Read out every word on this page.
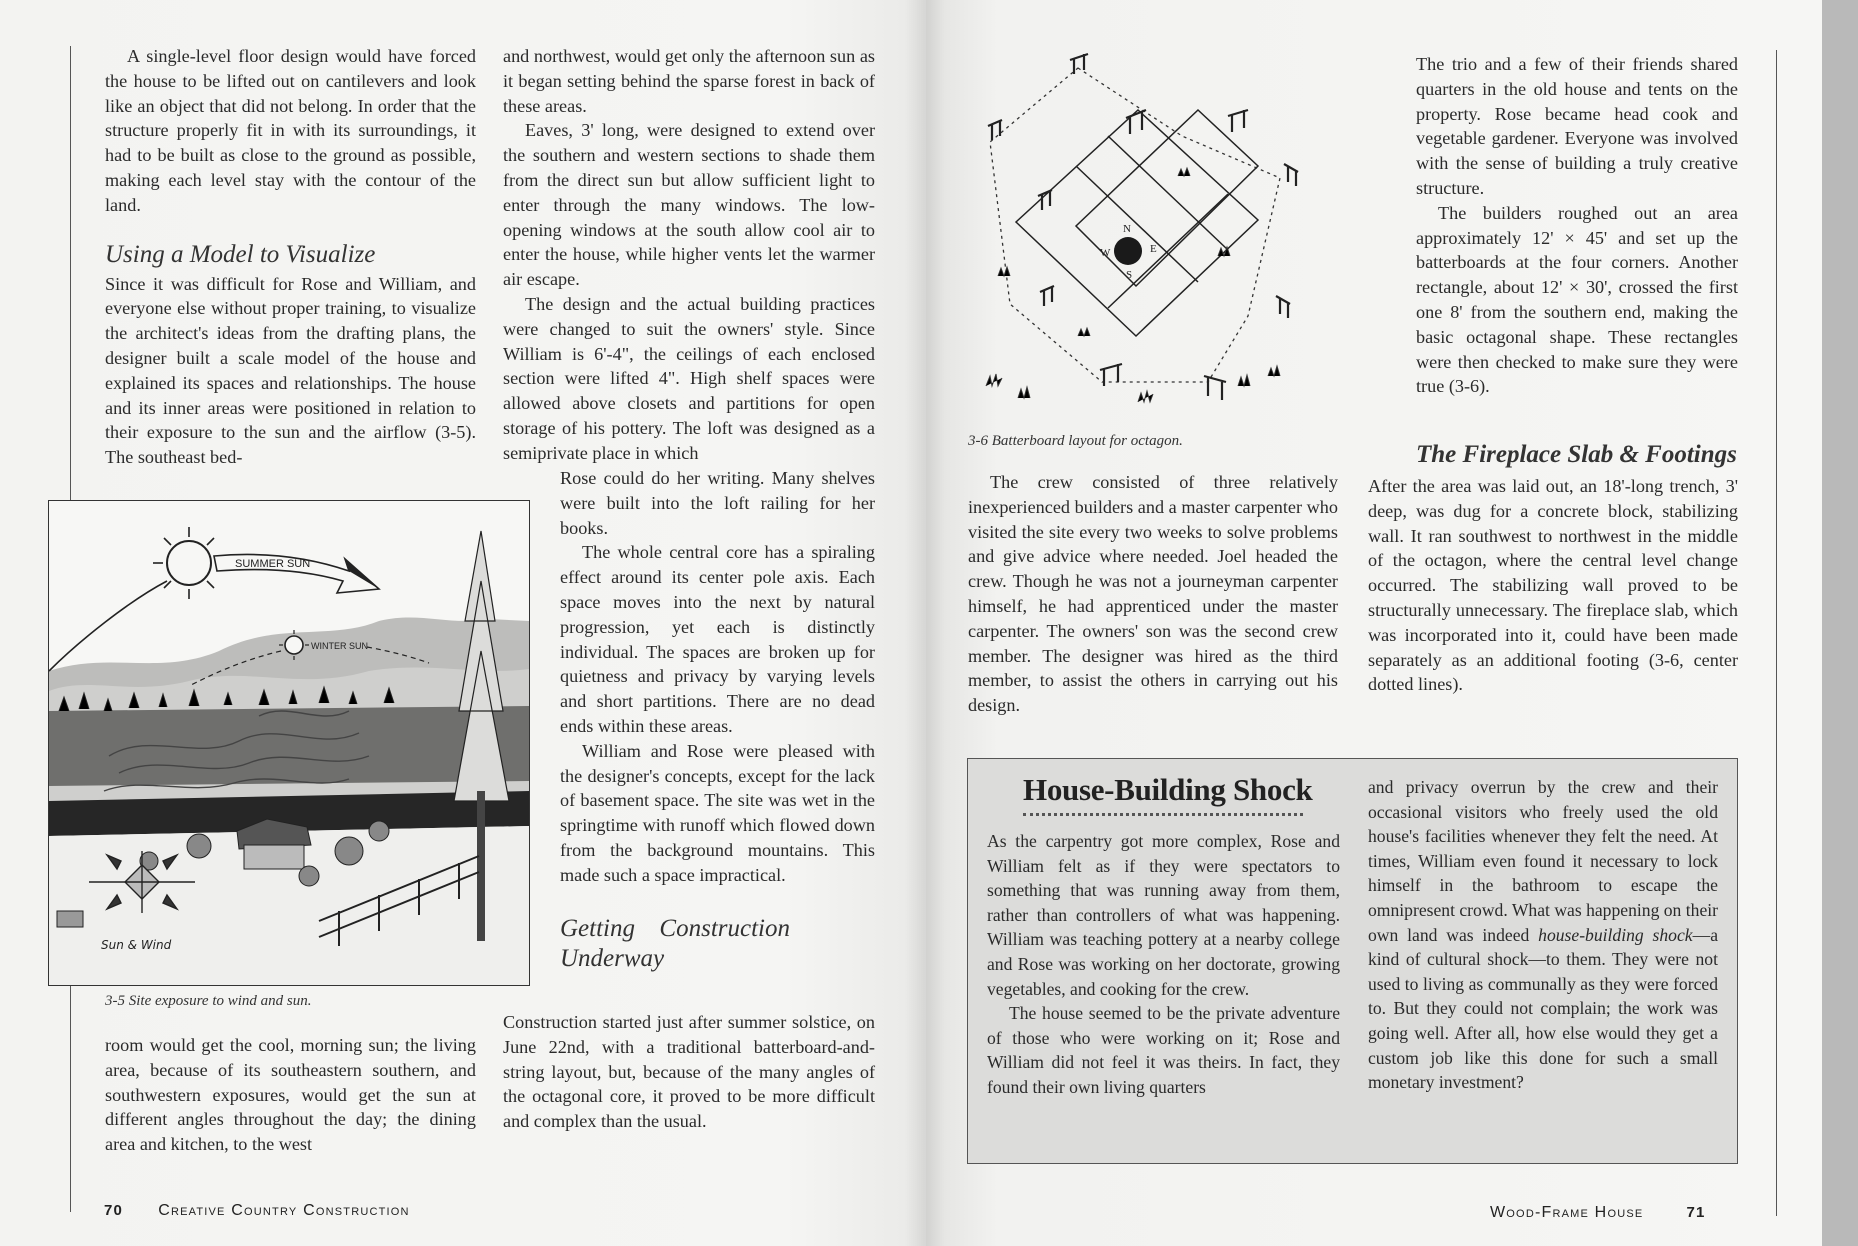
A single-level floor design would have forced the house to be lifted out on cantilevers and look like an object that did not belong. In order that the structure properly fit in with its surroundings, it had to be built as close to the ground as possible, making each level stay with the contour of the land.

Using a Model to Visualize

Since it was difficult for Rose and William, and everyone else without proper training, to visualize the architect's ideas from the drafting plans, the designer built a scale model of the house and explained its spaces and relationships. The house and its inner areas were positioned in relation to their exposure to the sun and the airflow (3-5). The southeast bed-

and northwest, would get only the afternoon sun as it began setting behind the sparse forest in back of these areas.

Eaves, 3' long, were designed to extend over the southern and western sections to shade them from the direct sun but allow sufficient light to enter through the many windows. The low-opening windows at the south allow cool air to enter the house, while higher vents let the warmer air escape.

The design and the actual building practices were changed to suit the owners' style. Since William is 6'-4", the ceilings of each enclosed section were lifted 4". High shelf spaces were allowed above closets and partitions for open storage of his pottery. The loft was designed as a semiprivate place in which

Rose could do her writing. Many shelves were built into the loft railing for her books.

The whole central core has a spiraling effect around its center pole axis. Each space moves into the next by natural progression, yet each is distinctly individual. The spaces are broken up for quietness and privacy by varying levels and short partitions. There are no dead ends within these areas.

William and Rose were pleased with the designer's concepts, except for the lack of basement space. The site was wet in the springtime with runoff which flowed down from the background mountains. This made such a space impractical.

Getting Construction Underway

Construction started just after summer solstice, on June 22nd, with a traditional batterboard-and-string layout, but, because of the many angles of the octagonal core, it proved to be more difficult and complex than the usual.

room would get the cool, morning sun; the living area, because of its southeastern southern, and southwestern exposures, would get the sun at different angles throughout the day; the dining area and kitchen, to the west

SUMMER SUN
WINTER SUN
Sun & Wind
3-5 Site exposure to wind and sun.
70 Creative Country Construction
N
E
S
W
3-6 Batterboard layout for octagon.

The trio and a few of their friends shared quarters in the old house and tents on the property. Rose became head cook and vegetable gardener. Everyone was involved with the sense of building a truly creative structure.

The builders roughed out an area approximately 12' × 45' and set up the batterboards at the four corners. Another rectangle, about 12' × 30', crossed the first one 8' from the southern end, making the basic octagonal shape. These rectangles were then checked to make sure they were true (3-6).

The Fireplace Slab & Footings

After the area was laid out, an 18'-long trench, 3' deep, was dug for a concrete block, stabilizing wall. It ran southwest to northwest in the middle of the octagon, where the central level change occurred. The stabilizing wall proved to be structurally unnecessary. The fireplace slab, which was incorporated into it, could have been made separately as an additional footing (3-6, center dotted lines).

The crew consisted of three relatively inexperienced builders and a master carpenter who visited the site every two weeks to solve problems and give advice where needed. Joel headed the crew. Though he was not a journeyman carpenter himself, he had apprenticed under the master carpenter. The owners' son was the second crew member. The designer was hired as the third member, to assist the others in carrying out his design.

Wood-Frame House	71
House-Building Shock

As the carpentry got more complex, Rose and William felt as if they were spectators to something that was running away from them, rather than controllers of what was happening. William was teaching pottery at a nearby college and Rose was working on her doctorate, growing vegetables, and cooking for the crew.

The house seemed to be the private adventure of those who were working on it; Rose and William did not feel it was theirs. In fact, they found their own living quarters

and privacy overrun by the crew and their occasional visitors who freely used the old house's facilities whenever they felt the need. At times, William even found it necessary to lock himself in the bathroom to escape the omnipresent crowd. What was happening on their own land was indeed house-building shock—a kind of cultural shock—to them. They were not used to living as communally as they were forced to. But they could not complain; the work was going well. After all, how else would they get a custom job like this done for such a small monetary investment?
